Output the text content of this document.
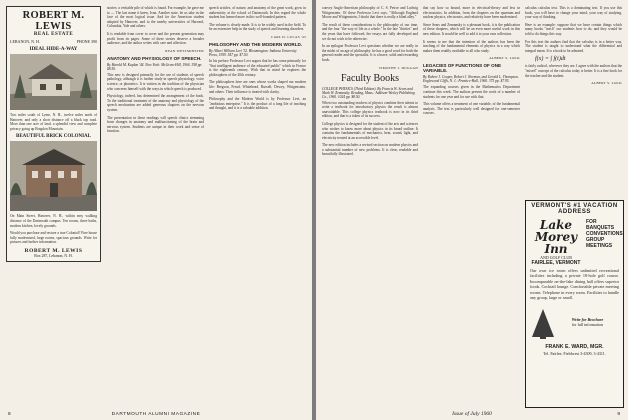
ROBERT M. LEWIS
REAL ESTATE
LEBANON, N. H.	PHONE 390
IDEAL HIDE-A-WAY

Two miles south of Lyme, N. H., twelve miles north of Hanover, and only a short distance off a black top road. More than one acre of land, a splendid view and complete privacy going up Bragdon Mountain.

BEAUTIFUL BRICK COLONIAL

On Main Street, Hanover, N. H., within easy walking distance of the Dartmouth campus. Ten rooms, three baths, modern kitchen, lovely grounds.

Would you purchase and restore a true Colonial? Fine house fully modernized, large rooms, spacious grounds. Write for pictures and further information.

ROBERT M. LEWIS
Box 287, Lebanon, N. H.

stories: a veritable pile of which is found. For example, he gave me to — The last name it knew, Ivan. Another state, let us take in the face of the most logical issue. And for the American student adopted by Hanover, and to the nearby universities of Harvard, Columbia, Yale and others.

It is readable from cover to cover and the present generation may profit from its pages. Some of these stories deserve a broader audience, and the author writes with care and affection.

RYAN WESTMINSTER
ANATOMY AND PHYSIOLOGY OF SPEECH.
By Harold M. Kaplan '44. New York: McGraw-Hill, 1960. 358 pp. $8.50.

This new is designed primarily for the use of students of speech pathology, although it is further study in speech physiology, voice science, or phonetics. It is written in the tradition of the physician who concerns himself with the ways in which speech is produced.

Physiology, indeed, has determined the arrangement of the book. To the traditional treatment of the anatomy and physiology of the speech mechanism are added generous chapters on the nervous system.

The presentation in these readings will speech clinics stemming from changes in anatomy and malfunctioning of the brain and nervous system. Students are unique in their work and sense of function.

speech articles, of nature, and anatomy of the great work, grow in authenticity at the school of Dartmouth. In this regard the whole student has learned more in this well-founded pattern.

The volume is clearly made. It is to be widely used in the field. To be an extensive help in the study of speech and learning disorders.

CARL D. LUCAS '43
PHILOSOPHY AND THE MODERN WORLD.
By Albert William Levi '32. Bloomington: Indiana University Press, 1959. 547 pp. $7.50.

In his preface Professor Levi argues that he has come primarily for "that intelligent audience of the educated public" which in France is the eighteenth century. With that in mind he explores the philosophers of the 20th century.

The philosophers here are ones whose works shaped our modern life: Bergson, Freud, Whitehead, Russell, Dewey, Wittgenstein, and others. Their influence is treated with clarity.

Philosophy and the Modern World is by Professor Levi, an "ambitious enterprise." It is the product of a long life of teaching and thought, and it is a valuable addition.

8	DARTMOUTH ALUMNI MAGAZINE

convey Anglo-American philosophy of C. S. Peirce and Ludwig Wittgenstein. Of these Professor Levi says, "Although England Moore and Wittgenstein, I doubt that there is really a blind alley."

The result of these considerations is the philosophy of our time, and the four "the way of life as a whole." In the late "thirties" and the years that have followed, the essays are fully developed and we do not wish to be otherwise.

In an epilogue Professor Levi questions whether we are really in the midst of an age of philosophy: he has a good word for both the general reader and the specialist. It is a brave, solid and rewarding book.

TIMOTHY J. DUGGAN
Faculty Books
COLLEGE PHYSICS (Third Edition). By Francis W. Sears and Mark W. Zemansky. Reading, Mass.: Addison-Wesley Publishing Co., 1960. 1024 pp. $8.50.

When two outstanding teachers of physics combine their talents to write a textbook for introductory physics the result is almost unavoidable. This college physics textbook is now in its third edition, and that is a token of its success.

College physics is designed for the student of the arts and sciences who wishes to know more about physics in its broad outline. It contains the fundamentals of mechanics, heat, sound, light, and electricity treated at an accessible level.

The new edition includes a revised section on modern physics and a substantial number of new problems. It is clear, readable and beautifully illustrated.

that say how so bound, more in electrical-theory and less in electrostatics. In addition, from the chapters on the quantum and nuclear physics, electronics, and relativity have been modernized.

Since Sears and Zemansky is a pleasant book, it is the publication of these chapters, which will be an even more useful work in this new edition. It would be well to add it to your own collection.

It seems to me that the intention of the authors has been the teaching of the fundamental elements of physics in a way which makes them readily available to all who study.

ALBERT S. LOCK
LEGACIES OF FUNCTIONS OF ONE VARIABLE.
By Robert J. Cooper, Robert J. Norman, and Gerald L. Thompson. Englewood Cliffs, N. J.: Prentice-Hall, 1960. 375 pp. $7.95.

The expanding courses given in the Mathematics Department continue this week. The authors present the work of a number of students for one year and for use with that.

This volume offers a treatment of one variable, of the fundamental analysis. The text is particularly well designed for one-semester courses.

calculus calculus text. This is a dominating text. If you use this book, you will have to change your mind, your way of studying, your way of thinking.

Here is an example: suppose that we have certain things which many books "teach" our students how to do, and they would be told to do things this way.

For this text the authors find that the calculus is in a better way. The student is taught to understand what the differential and integral mean. It is a book to be admired.

f(x) = ∫ f(t)dt

is fairly radical, wherever they are. I agree with the authors that the "mixed" concept of the calculus today is better. It is a fine book for the teacher and the student.

ALBERT S. LOCK
VERMONT'S #1 VACATION ADDRESS
Lake Morey Inn
AND GOLF CLUB
FAIRLEE, VERMONT
FOR BANQUETS CONVENTIONS GROUP MEETINGS

Our own ice room offers unlimited recreational facilities including a private 18-hole golf course. Incomparable on-the-lake dining hall offers superior foods. Cocktail lounge. Comfortable private meeting rooms. Telephone in every room. Facilities to handle any group, large or small.

Write for Brochure
for full information
FRANK E. WARD, MGR.
Tel. Fairlee, Fieldcrest 3-4309, 3-4311.
Issue of July 1960	9
